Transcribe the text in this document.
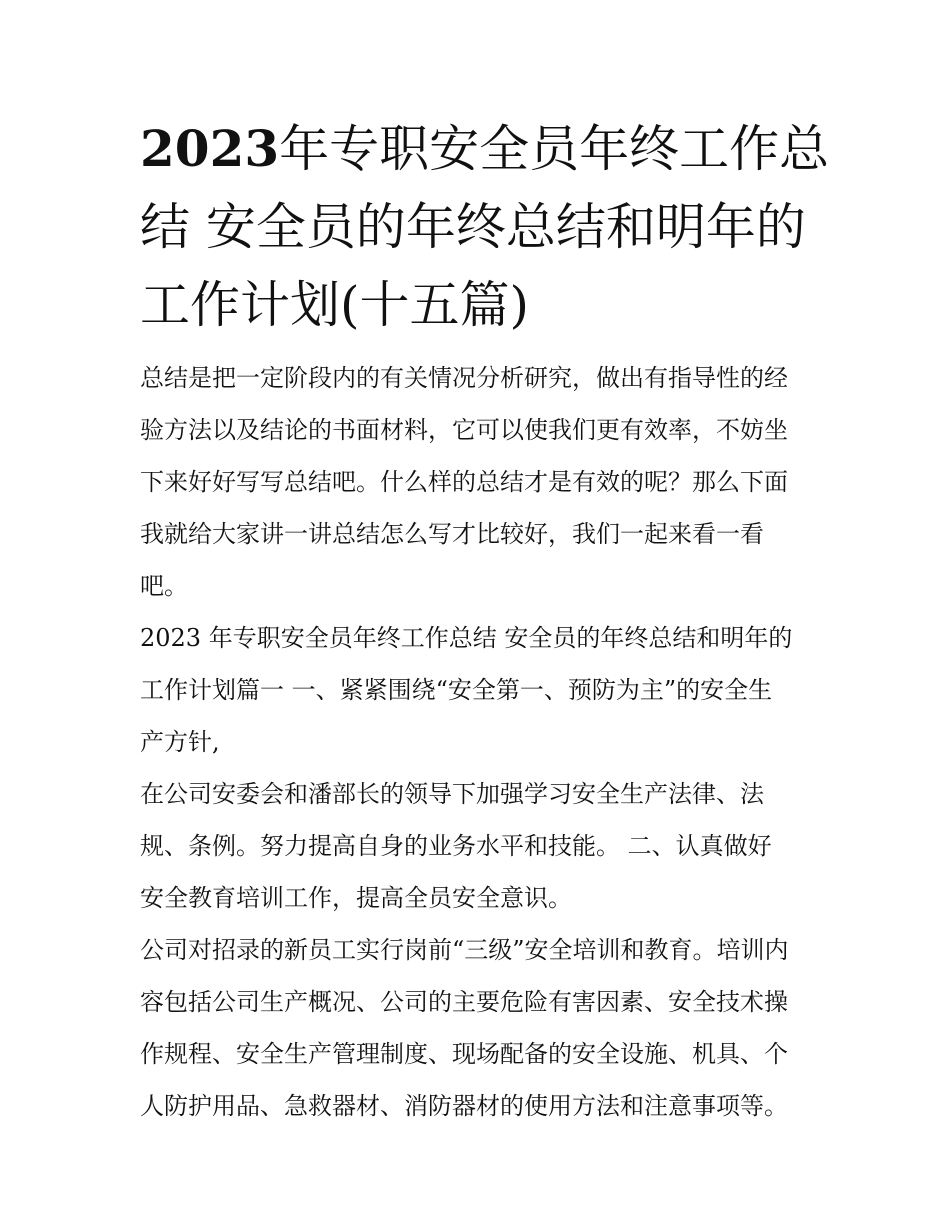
2023年专职安全员年终工作总
结 安全员的年终总结和明年的
工作计划(十五篇)

总结是把一定阶段内的有关情况分析研究，做出有指导性的经
验方法以及结论的书面材料，它可以使我们更有效率，不妨坐
下来好好写写总结吧。什么样的总结才是有效的呢？那么下面
我就给大家讲一讲总结怎么写才比较好，我们一起来看一看
吧。

2023 年专职安全员年终工作总结 安全员的年终总结和明年的
工作计划篇一 一、紧紧围绕“安全第一、预防为主”的安全生
产方针,

在公司安委会和潘部长的领导下加强学习安全生产法律、法
规、条例。努力提高自身的业务水平和技能。 二、认真做好
安全教育培训工作，提高全员安全意识。

公司对招录的新员工实行岗前“三级”安全培训和教育。培训内
容包括公司生产概况、公司的主要危险有害因素、安全技术操
作规程、安全生产管理制度、现场配备的安全设施、机具、个
人防护用品、急救器材、消防器材的使用方法和注意事项等。
